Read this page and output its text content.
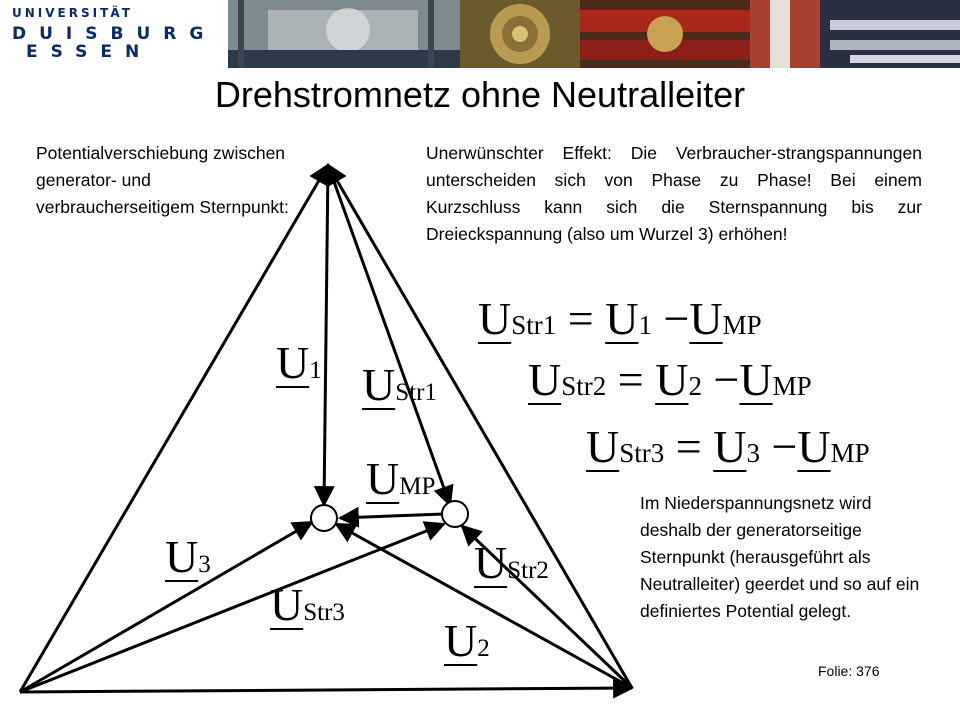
UNIVERSITÄT
DUISBURG
ESSEN
Drehstromnetz ohne Neutralleiter
Potentialverschiebung zwischen generator- und verbraucherseitigem Sternpunkt:
Unerwünschter Effekt: Die Verbraucher-strangspannungen unterscheiden sich von Phase zu Phase! Bei einem Kurzschluss kann sich die Sternspannung bis zur Dreieckspannung (also um Wurzel 3) erhöhen!
Im Niederspannungsnetz wird deshalb der generatorseitige Sternpunkt (herausgeführt als Neutralleiter) geerdet und so auf ein definiertes Potential gelegt.
Folie: 376
U1 UStr1
UMP
U3
UStr3
UStr2
U2
UStr1 = U1 −UMP
UStr2 = U2 −UMP
UStr3 = U3 −UMP
